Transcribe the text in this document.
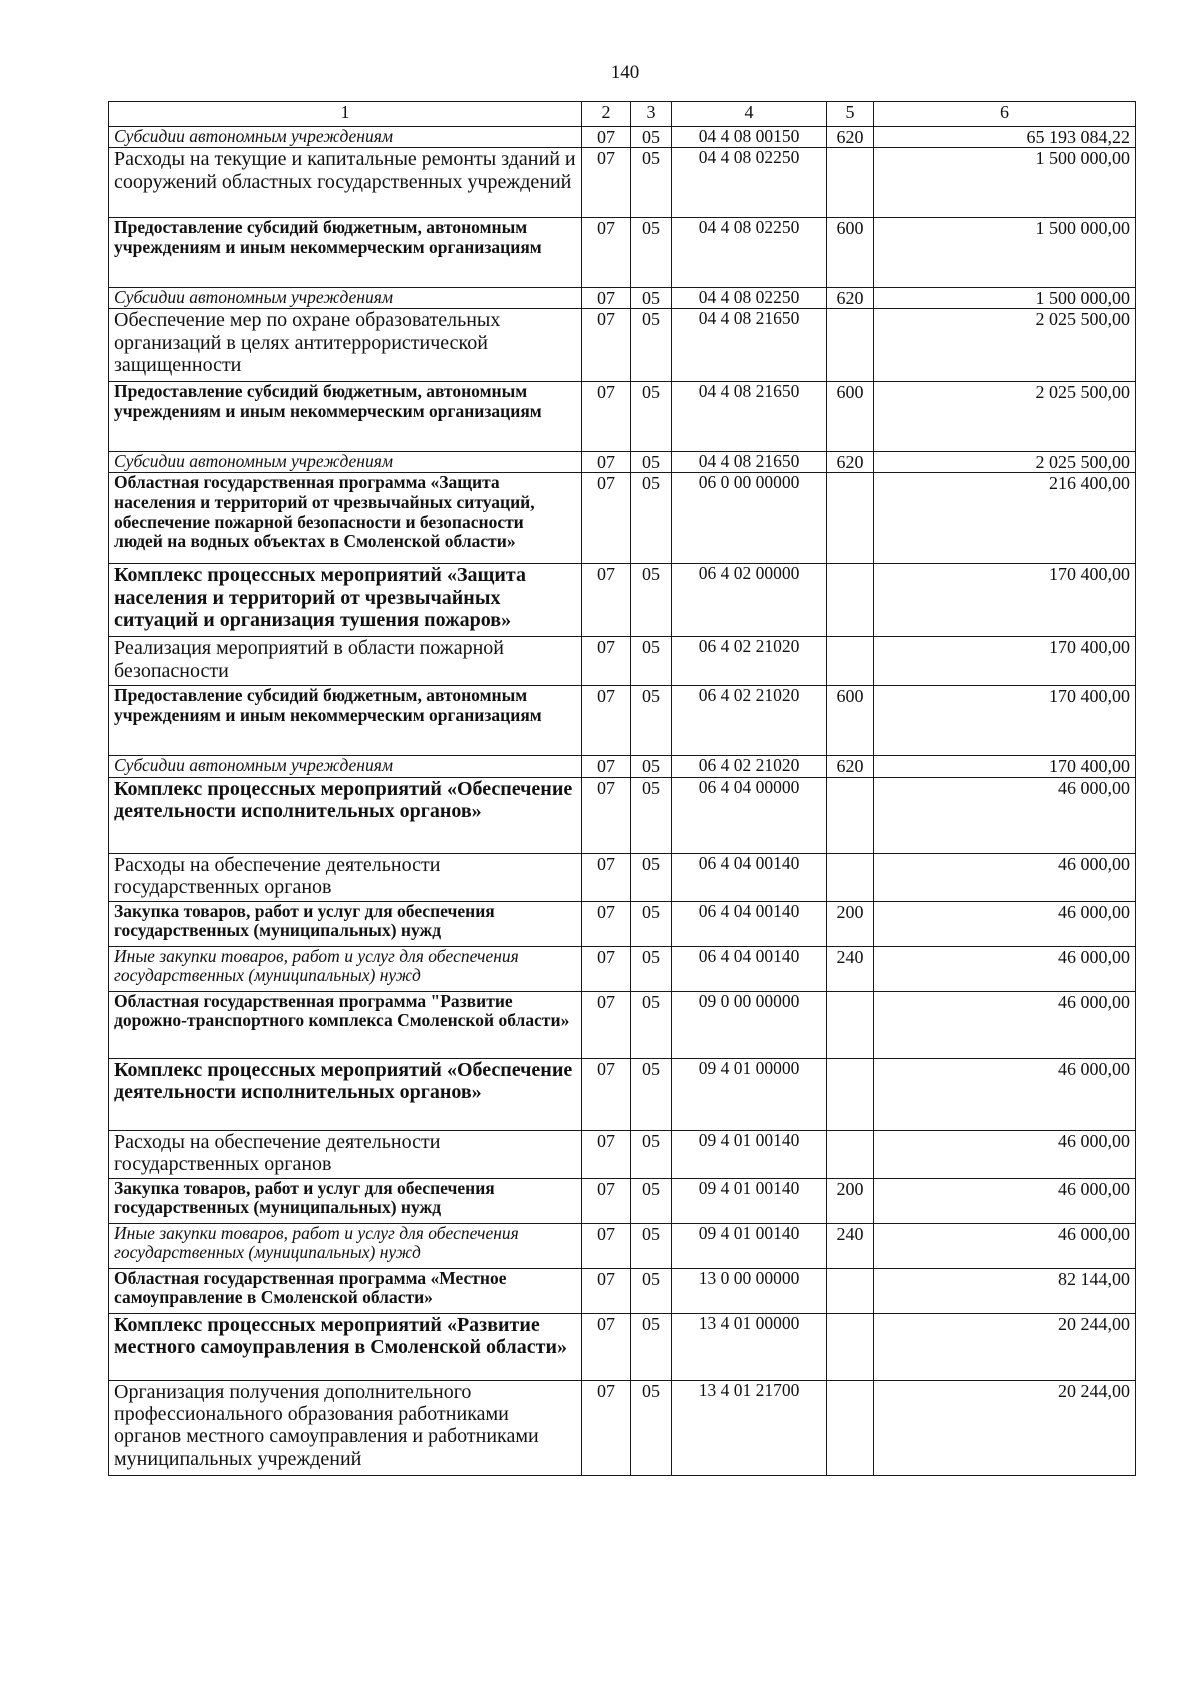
140
1	2	3	4	5	6
Субсидии автономным учреждениям	07	05	04 4 08 00150	620	65 193 084,22
Расходы на текущие и капитальные ремонты зданий и сооружений областных государственных учреждений	07	05	04 4 08 02250		1 500 000,00
Предоставление субсидий бюджетным, автономным учреждениям и иным некоммерческим организациям	07	05	04 4 08 02250	600	1 500 000,00
Субсидии автономным учреждениям	07	05	04 4 08 02250	620	1 500 000,00
Обеспечение мер по охране образовательных организаций в целях антитеррористической защищенности	07	05	04 4 08 21650		2 025 500,00
Предоставление субсидий бюджетным, автономным учреждениям и иным некоммерческим организациям	07	05	04 4 08 21650	600	2 025 500,00
Субсидии автономным учреждениям	07	05	04 4 08 21650	620	2 025 500,00
Областная государственная программа «Защита населения и территорий от чрезвычайных ситуаций, обеспечение пожарной безопасности и безопасности людей на водных объектах в Смоленской области»	07	05	06 0 00 00000		216 400,00
Комплекс процессных мероприятий «Защита населения и территорий от чрезвычайных ситуаций и организация тушения пожаров»	07	05	06 4 02 00000		170 400,00
Реализация мероприятий в области пожарной безопасности	07	05	06 4 02 21020		170 400,00
Предоставление субсидий бюджетным, автономным учреждениям и иным некоммерческим организациям	07	05	06 4 02 21020	600	170 400,00
Субсидии автономным учреждениям	07	05	06 4 02 21020	620	170 400,00
Комплекс процессных мероприятий «Обеспечение деятельности исполнительных органов»	07	05	06 4 04 00000		46 000,00
Расходы на обеспечение деятельности государственных органов	07	05	06 4 04 00140		46 000,00
Закупка товаров, работ и услуг для обеспечения государственных (муниципальных) нужд	07	05	06 4 04 00140	200	46 000,00
Иные закупки товаров, работ и услуг для обеспечения государственных (муниципальных) нужд	07	05	06 4 04 00140	240	46 000,00
Областная государственная программа "Развитие дорожно-транспортного комплекса Смоленской области»	07	05	09 0 00 00000		46 000,00
Комплекс процессных мероприятий «Обеспечение деятельности исполнительных органов»	07	05	09 4 01 00000		46 000,00
Расходы на обеспечение деятельности государственных органов	07	05	09 4 01 00140		46 000,00
Закупка товаров, работ и услуг для обеспечения государственных (муниципальных) нужд	07	05	09 4 01 00140	200	46 000,00
Иные закупки товаров, работ и услуг для обеспечения государственных (муниципальных) нужд	07	05	09 4 01 00140	240	46 000,00
Областная государственная программа «Местное самоуправление в Смоленской области»	07	05	13 0 00 00000		82 144,00
Комплекс процессных мероприятий «Развитие местного самоуправления в Смоленской области»	07	05	13 4 01 00000		20 244,00
Организация получения дополнительного профессионального образования работниками органов местного самоуправления и работниками муниципальных учреждений	07	05	13 4 01 21700		20 244,00
